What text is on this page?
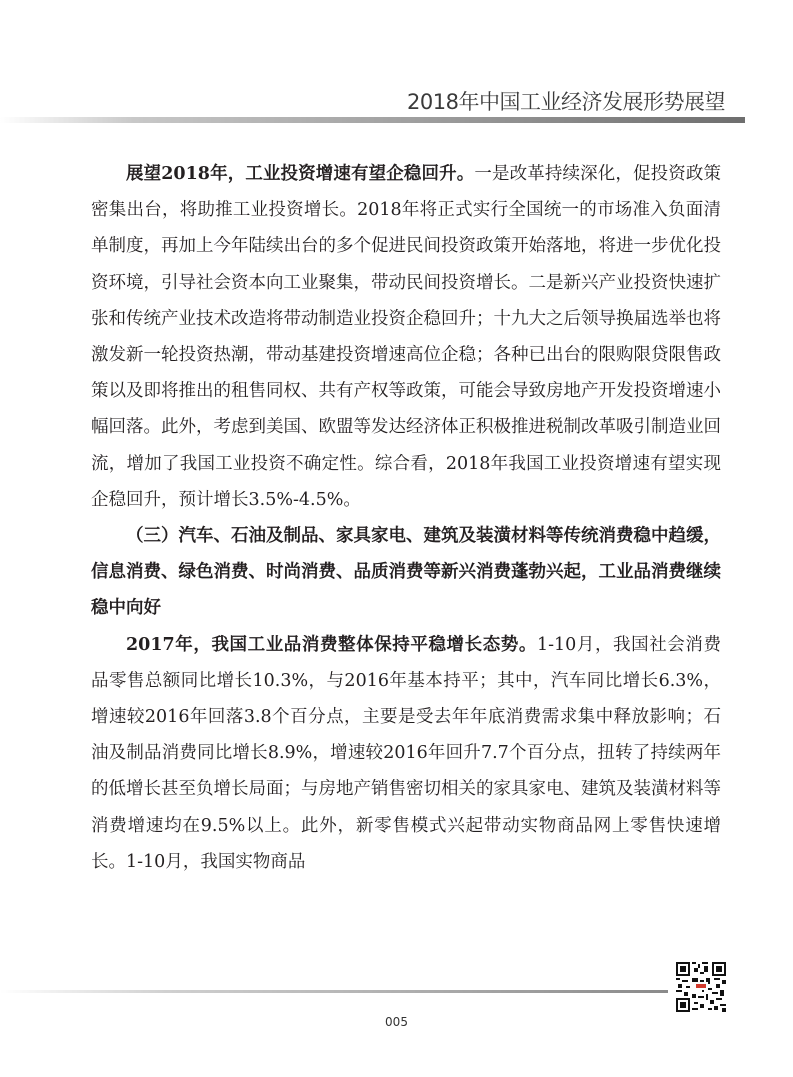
2018年中国工业经济发展形势展望

展望2018年，工业投资增速有望企稳回升。一是改革持续深化，促投资政策密集出台，将助推工业投资增长。2018年将正式实行全国统一的市场准入负面清单制度，再加上今年陆续出台的多个促进民间投资政策开始落地，将进一步优化投资环境，引导社会资本向工业聚集，带动民间投资增长。二是新兴产业投资快速扩张和传统产业技术改造将带动制造业投资企稳回升；十九大之后领导换届选举也将激发新一轮投资热潮，带动基建投资增速高位企稳；各种已出台的限购限贷限售政策以及即将推出的租售同权、共有产权等政策，可能会导致房地产开发投资增速小幅回落。此外，考虑到美国、欧盟等发达经济体正积极推进税制改革吸引制造业回流，增加了我国工业投资不确定性。综合看，2018年我国工业投资增速有望实现企稳回升，预计增长3.5%-4.5%。

（三）汽车、石油及制品、家具家电、建筑及装潢材料等传统消费稳中趋缓，信息消费、绿色消费、时尚消费、品质消费等新兴消费蓬勃兴起，工业品消费继续稳中向好

2017年，我国工业品消费整体保持平稳增长态势。1-10月，我国社会消费品零售总额同比增长10.3%，与2016年基本持平；其中，汽车同比增长6.3%，增速较2016年回落3.8个百分点，主要是受去年年底消费需求集中释放影响；石油及制品消费同比增长8.9%，增速较2016年回升7.7个百分点，扭转了持续两年的低增长甚至负增长局面；与房地产销售密切相关的家具家电、建筑及装潢材料等消费增速均在9.5%以上。此外，新零售模式兴起带动实物商品网上零售快速增长。1-10月，我国实物商品

005
